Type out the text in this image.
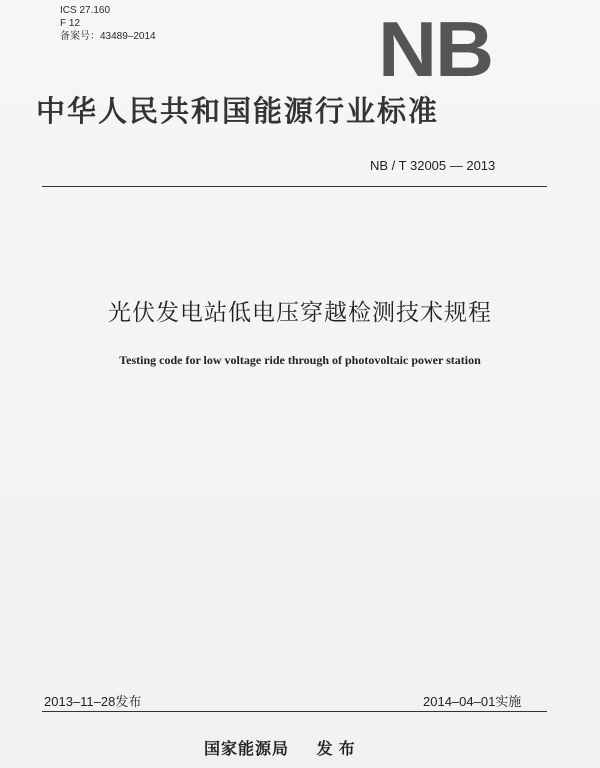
ICS 27.160
F 12
备案号：43489–2014	NB
中华人民共和国能源行业标准
NB / T 32005 — 2013
光伏发电站低电压穿越检测技术规程
Testing code for low voltage ride through of photovoltaic power station
2013–11–28发布	2014–04–01实施
国家能源局 发布
